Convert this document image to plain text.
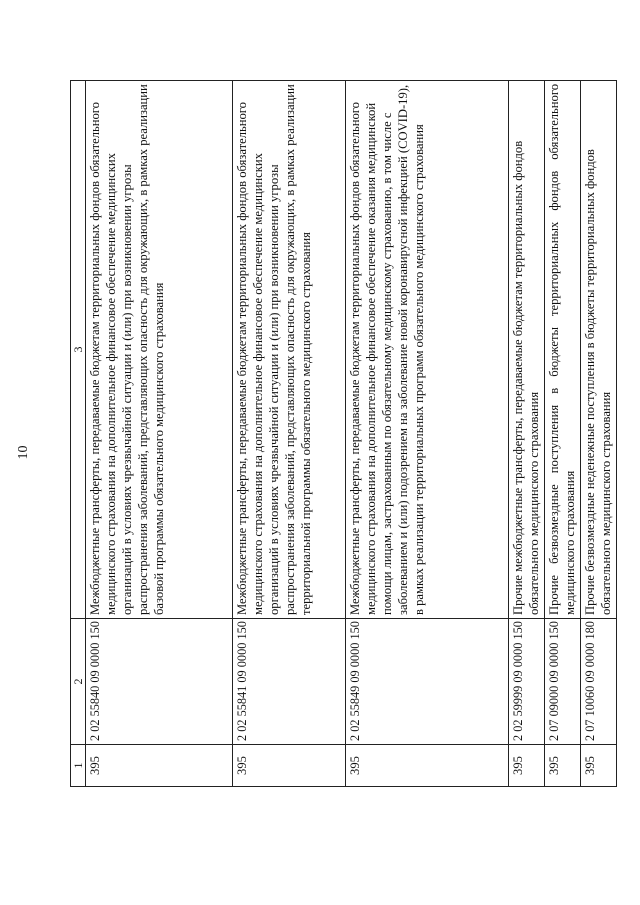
10
1	2	3
395	2 02 55840 09 0000 150	Межбюджетные трансферты, передаваемые бюджетам территориальных фондов обязательного медицинского страхования на дополнительное финансовое обеспечение медицинских организаций в условиях чрезвычайной ситуации и (или) при возникновении угрозы распространения заболеваний, представляющих опасность для окружающих, в рамках реализации базовой программы обязательного медицинского страхования
395	2 02 55841 09 0000 150	Межбюджетные трансферты, передаваемые бюджетам территориальных фондов обязательного медицинского страхования на дополнительное финансовое обеспечение медицинских организаций в условиях чрезвычайной ситуации и (или) при возникновении угрозы распространения заболеваний, представляющих опасность для окружающих, в рамках реализации территориальной программы обязательного медицинского страхования
395	2 02 55849 09 0000 150	Межбюджетные трансферты, передаваемые бюджетам территориальных фондов обязательного медицинского страхования на дополнительное финансовое обеспечение оказания медицинской помощи лицам, застрахованным по обязательному медицинскому страхованию, в том числе с заболеванием и (или) подозрением на заболевание новой коронавирусной инфекцией (COVID-19), в рамках реализации территориальных программ обязательного медицинского страхования
395	2 02 59999 09 0000 150	Прочие межбюджетные трансферты, передаваемые бюджетам территориальных фондов обязательного медицинского страхования
395	2 07 09000 09 0000 150	Прочие безвозмездные поступления в бюджеты территориальных фондов обязательного медицинского страхования
395	2 07 10060 09 0000 180	Прочие безвозмездные неденежные поступления в бюджеты территориальных фондов обязательного медицинского страхования
